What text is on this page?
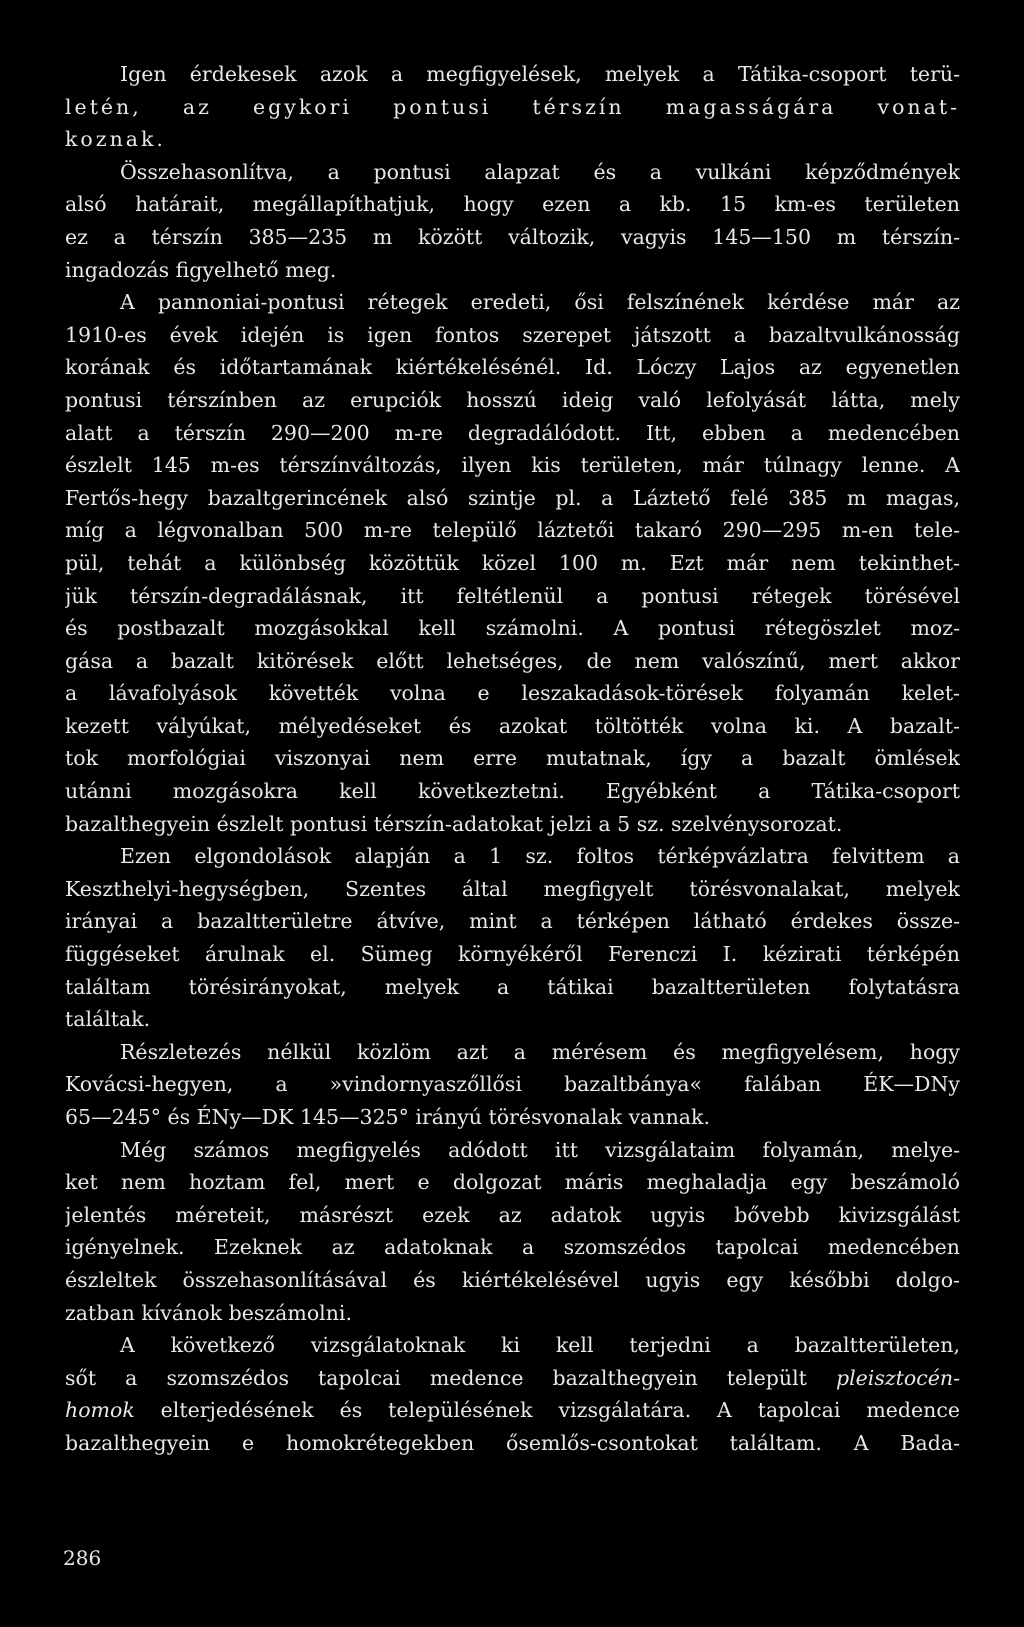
Igen érdekesek azok a megfigyelések, melyek a Tátika-csoport terü-
letén, az egykori pontusi térszín magasságára vonat-
koznak.
Összehasonlítva, a pontusi alapzat és a vulkáni képződmények
alsó határait, megállapíthatjuk, hogy ezen a kb. 15 km-es területen
ez a térszín 385—235 m között változik, vagyis 145—150 m térszín-
ingadozás figyelhető meg.
A pannoniai-pontusi rétegek eredeti, ősi felszínének kérdése már az
1910-es évek idején is igen fontos szerepet játszott a bazaltvulkánosság
korának és időtartamának kiértékelésénél. Id. Lóczy Lajos az egyenetlen
pontusi térszínben az erupciók hosszú ideig való lefolyását látta, mely
alatt a térszín 290—200 m-re degradálódott. Itt, ebben a medencében
észlelt 145 m-es térszínváltozás, ilyen kis területen, már túlnagy lenne. A
Fertős-hegy bazaltgerincének alsó szintje pl. a Láztető felé 385 m magas,
míg a légvonalban 500 m-re települő láztetői takaró 290—295 m-en tele-
pül, tehát a különbség közöttük közel 100 m. Ezt már nem tekinthet-
jük térszín-degradálásnak, itt feltétlenül a pontusi rétegek törésével
és postbazalt mozgásokkal kell számolni. A pontusi rétegöszlet moz-
gása a bazalt kitörések előtt lehetséges, de nem valószínű, mert akkor
a lávafolyások követték volna e leszakadások-törések folyamán kelet-
kezett vályúkat, mélyedéseket és azokat töltötték volna ki. A bazalt-
tok morfológiai viszonyai nem erre mutatnak, így a bazalt ömlések
utánni mozgásokra kell következtetni. Egyébként a Tátika-csoport
bazalthegyein észlelt pontusi térszín-adatokat jelzi a 5 sz. szelvénysorozat.
Ezen elgondolások alapján a 1 sz. foltos térképvázlatra felvittem a
Keszthelyi-hegységben, Szentes által megfigyelt törésvonalakat, melyek
irányai a bazaltterületre átvíve, mint a térképen látható érdekes össze-
függéseket árulnak el. Sümeg környékéről Ferenczi I. kézirati térképén
találtam törésirányokat, melyek a tátikai bazaltterületen folytatásra
találtak.
Részletezés nélkül közlöm azt a mérésem és megfigyelésem, hogy
Kovácsi-hegyen, a »vindornyaszőllősi bazaltbánya« falában ÉK—DNy
65—245° és ÉNy—DK 145—325° irányú törésvonalak vannak.
Még számos megfigyelés adódott itt vizsgálataim folyamán, melye-
ket nem hoztam fel, mert e dolgozat máris meghaladja egy beszámoló
jelentés méreteit, másrészt ezek az adatok ugyis bővebb kivizsgálást
igényelnek. Ezeknek az adatoknak a szomszédos tapolcai medencében
észleltek összehasonlításával és kiértékelésével ugyis egy későbbi dolgo-
zatban kívánok beszámolni.
A következő vizsgálatoknak ki kell terjedni a bazaltterületen,
sőt a szomszédos tapolcai medence bazalthegyein települt pleisztocén-
homok elterjedésének és településének vizsgálatára. A tapolcai medence
bazalthegyein e homokrétegekben ősemlős-csontokat találtam. A Bada-
286
